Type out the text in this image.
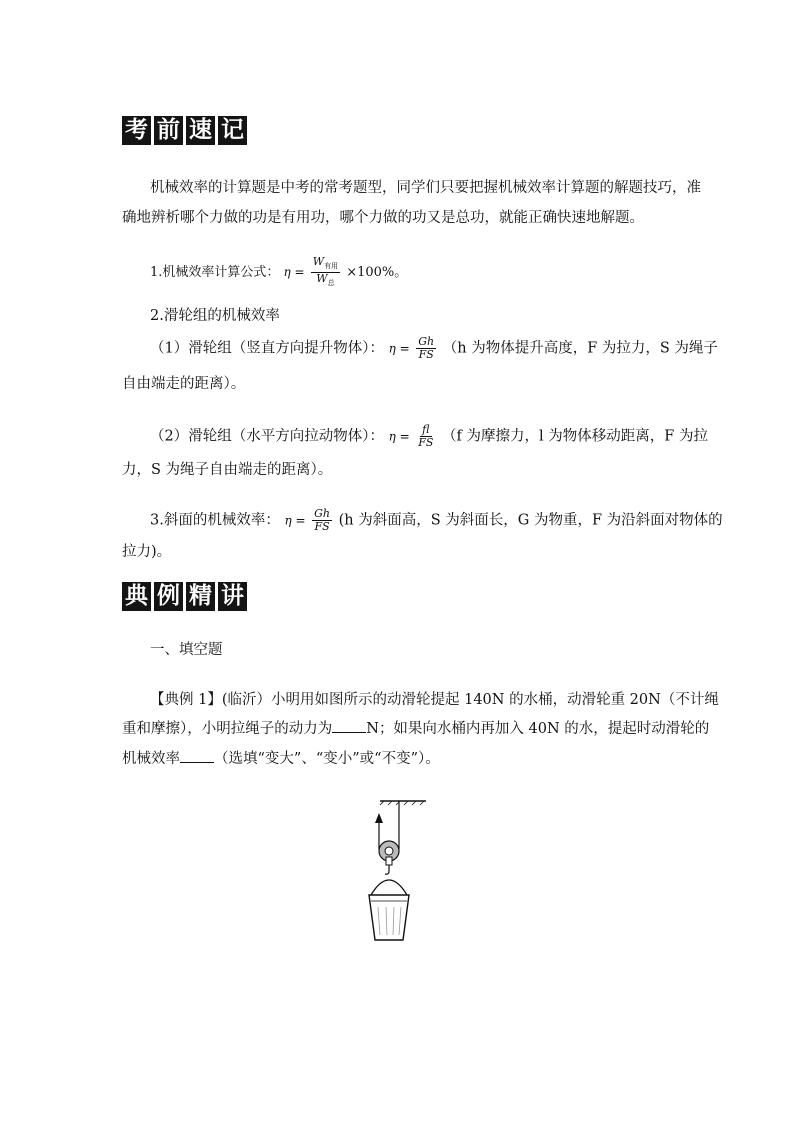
考 前 速 记
机械效率的计算题是中考的常考题型，同学们只要把握机械效率计算题的解题技巧，准
确地辨析哪个力做的功是有用功，哪个力做的功又是总功，就能正确快速地解题。
1.机械效率计算公式： $\eta = \frac{W_{有用}}{W_总} \times 100\%$。
2.滑轮组的机械效率
（1）滑轮组（竖直方向提升物体）： $\eta = \frac{Gh}{FS} (h$ 为物体提升高度，F 为拉力，S 为绳子
自由端走的距离）。
（2）滑轮组（水平方向拉动物体）： $\eta = \frac{fl}{FS} (f$ 为摩擦力，l 为物体移动距离，F 为拉
力，S 为绳子自由端走的距离）。
3.斜面的机械效率： $\eta = \frac{Gh}{FS} (h$ 为斜面高，S 为斜面长，G 为物重，F 为沿斜面对物体的
拉力)。
典 例 精 讲
一、填空题
【典例 1】(临沂）小明用如图所示的动滑轮提起 140N 的水桶，动滑轮重 20N（不计绳
重和摩擦），小明拉绳子的动力为 N；如果向水桶内再加入 40N 的水，提起时动滑轮的
机械效率 （选填“变大”、“变小”或“不变”）。
